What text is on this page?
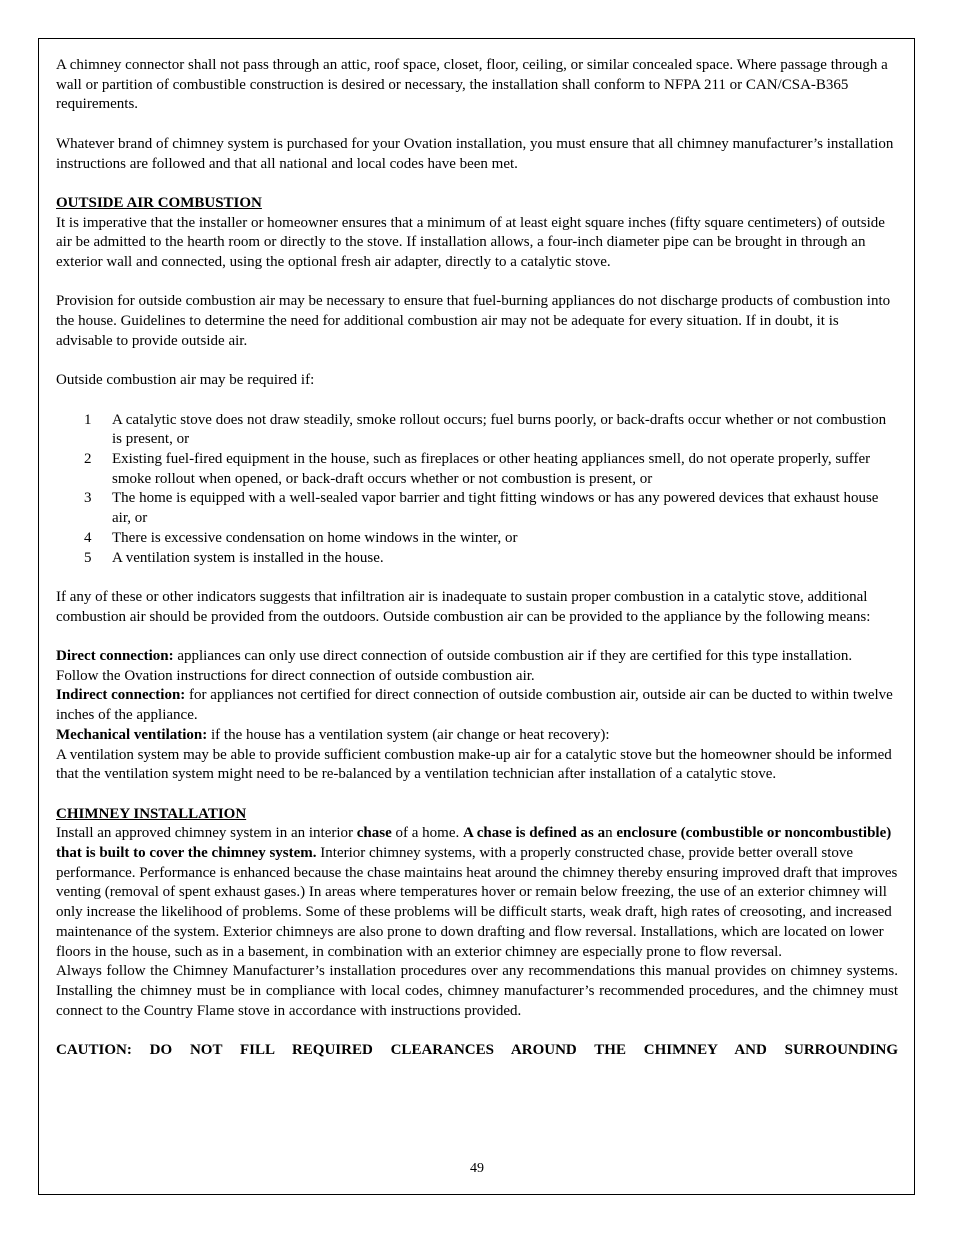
A chimney connector shall not pass through an attic, roof space, closet, floor, ceiling, or similar concealed space. Where passage through a wall or partition of combustible construction is desired or necessary, the installation shall conform to NFPA 211 or CAN/CSA-B365 requirements.

Whatever brand of chimney system is purchased for your Ovation installation, you must ensure that all chimney manufacturer’s installation instructions are followed and that all national and local codes have been met.

OUTSIDE AIR COMBUSTION

It is imperative that the installer or homeowner ensures that a minimum of at least eight square inches (fifty square centimeters) of outside air be admitted to the hearth room or directly to the stove. If installation allows, a four-inch diameter pipe can be brought in through an exterior wall and connected, using the optional fresh air adapter, directly to a catalytic stove.

Provision for outside combustion air may be necessary to ensure that fuel-burning appliances do not discharge products of combustion into the house. Guidelines to determine the need for additional combustion air may not be adequate for every situation. If in doubt, it is advisable to provide outside air.

Outside combustion air may be required if:

1 A catalytic stove does not draw steadily, smoke rollout occurs; fuel burns poorly, or back-drafts occur whether or not combustion is present, or
2 Existing fuel-fired equipment in the house, such as fireplaces or other heating appliances smell, do not operate properly, suffer smoke rollout when opened, or back-draft occurs whether or not combustion is present, or
3 The home is equipped with a well-sealed vapor barrier and tight fitting windows or has any powered devices that exhaust house air, or
4 There is excessive condensation on home windows in the winter, or
5 A ventilation system is installed in the house.

If any of these or other indicators suggests that infiltration air is inadequate to sustain proper combustion in a catalytic stove, additional combustion air should be provided from the outdoors. Outside combustion air can be provided to the appliance by the following means:

Direct connection: appliances can only use direct connection of outside combustion air if they are certified for this type installation. Follow the Ovation instructions for direct connection of outside combustion air.

Indirect connection: for appliances not certified for direct connection of outside combustion air, outside air can be ducted to within twelve inches of the appliance.

Mechanical ventilation: if the house has a ventilation system (air change or heat recovery):

A ventilation system may be able to provide sufficient combustion make-up air for a catalytic stove but the homeowner should be informed that the ventilation system might need to be re-balanced by a ventilation technician after installation of a catalytic stove.

CHIMNEY INSTALLATION

Install an approved chimney system in an interior chase of a home. A chase is defined as an enclosure (combustible or noncombustible) that is built to cover the chimney system. Interior chimney systems, with a properly constructed chase, provide better overall stove performance. Performance is enhanced because the chase maintains heat around the chimney thereby ensuring improved draft that improves venting (removal of spent exhaust gases.) In areas where temperatures hover or remain below freezing, the use of an exterior chimney will only increase the likelihood of problems. Some of these problems will be difficult starts, weak draft, high rates of creosoting, and increased maintenance of the system. Exterior chimneys are also prone to down drafting and flow reversal. Installations, which are located on lower floors in the house, such as in a basement, in combination with an exterior chimney are especially prone to flow reversal.

Always follow the Chimney Manufacturer’s installation procedures over any recommendations this manual provides on chimney systems. Installing the chimney must be in compliance with local codes, chimney manufacturer’s recommended procedures, and the chimney must connect to the Country Flame stove in accordance with instructions provided.

CAUTION: DO NOT FILL REQUIRED CLEARANCES AROUND THE CHIMNEY AND SURROUNDING

49
